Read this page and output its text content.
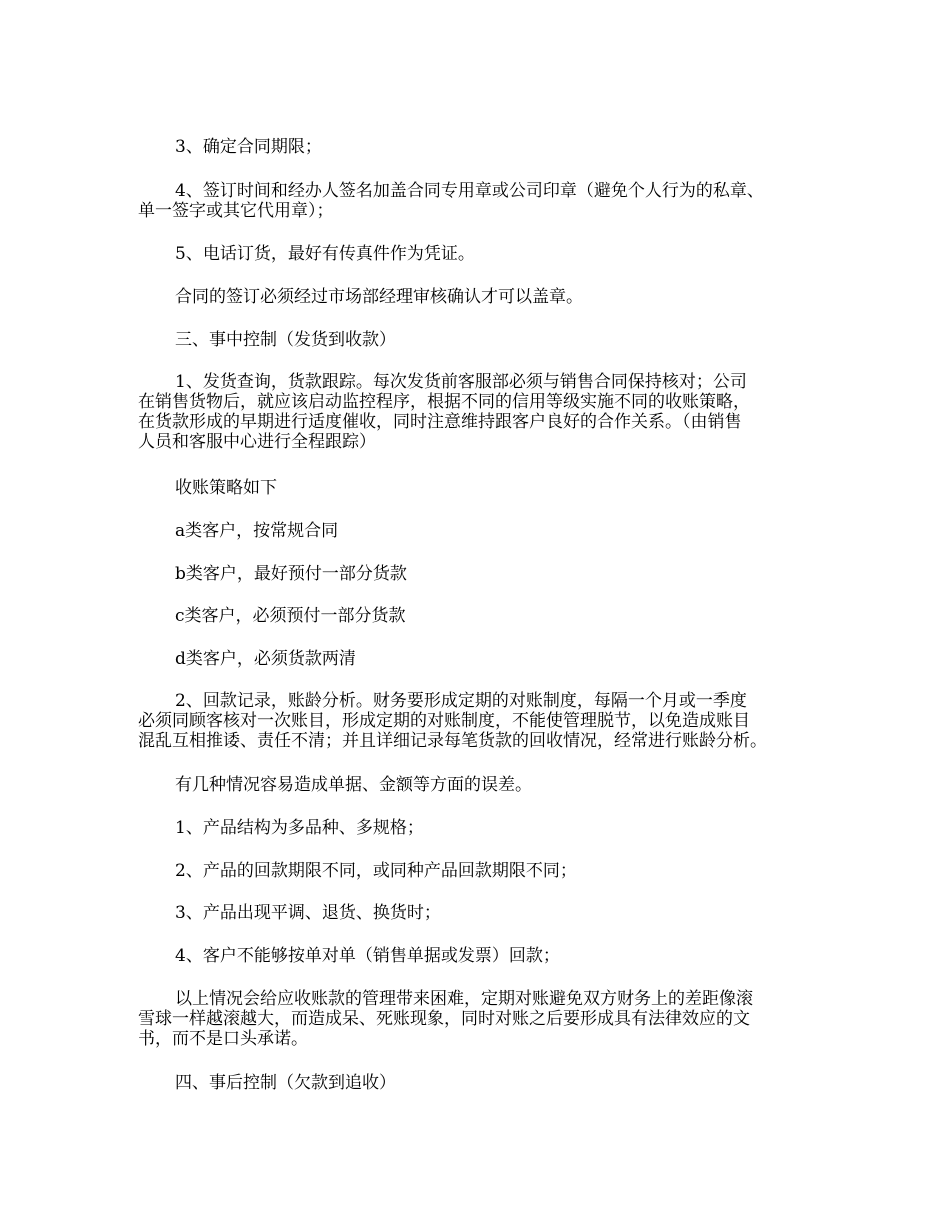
3、确定合同期限；

4、签订时间和经办人签名加盖合同专用章或公司印章（避免个人行为的私章、
单一签字或其它代用章）；

5、电话订货，最好有传真件作为凭证。

合同的签订必须经过市场部经理审核确认才可以盖章。

三、事中控制（发货到收款）

1、发货查询，货款跟踪。每次发货前客服部必须与销售合同保持核对；公司
在销售货物后，就应该启动监控程序，根据不同的信用等级实施不同的收账策略，
在货款形成的早期进行适度催收，同时注意维持跟客户良好的合作关系。（由销售
人员和客服中心进行全程跟踪）

收账策略如下

a类客户，按常规合同

b类客户，最好预付一部分货款

c类客户，必须预付一部分货款

d类客户，必须货款两清

2、回款记录，账龄分析。财务要形成定期的对账制度，每隔一个月或一季度
必须同顾客核对一次账目，形成定期的对账制度，不能使管理脱节，以免造成账目
混乱互相推诿、责任不清；并且详细记录每笔货款的回收情况，经常进行账龄分析。

有几种情况容易造成单据、金额等方面的误差。

1、产品结构为多品种、多规格；

2、产品的回款期限不同，或同种产品回款期限不同；

3、产品出现平调、退货、换货时；

4、客户不能够按单对单（销售单据或发票）回款；

以上情况会给应收账款的管理带来困难，定期对账避免双方财务上的差距像滚
雪球一样越滚越大，而造成呆、死账现象，同时对账之后要形成具有法律效应的文
书，而不是口头承诺。

四、事后控制（欠款到追收）
